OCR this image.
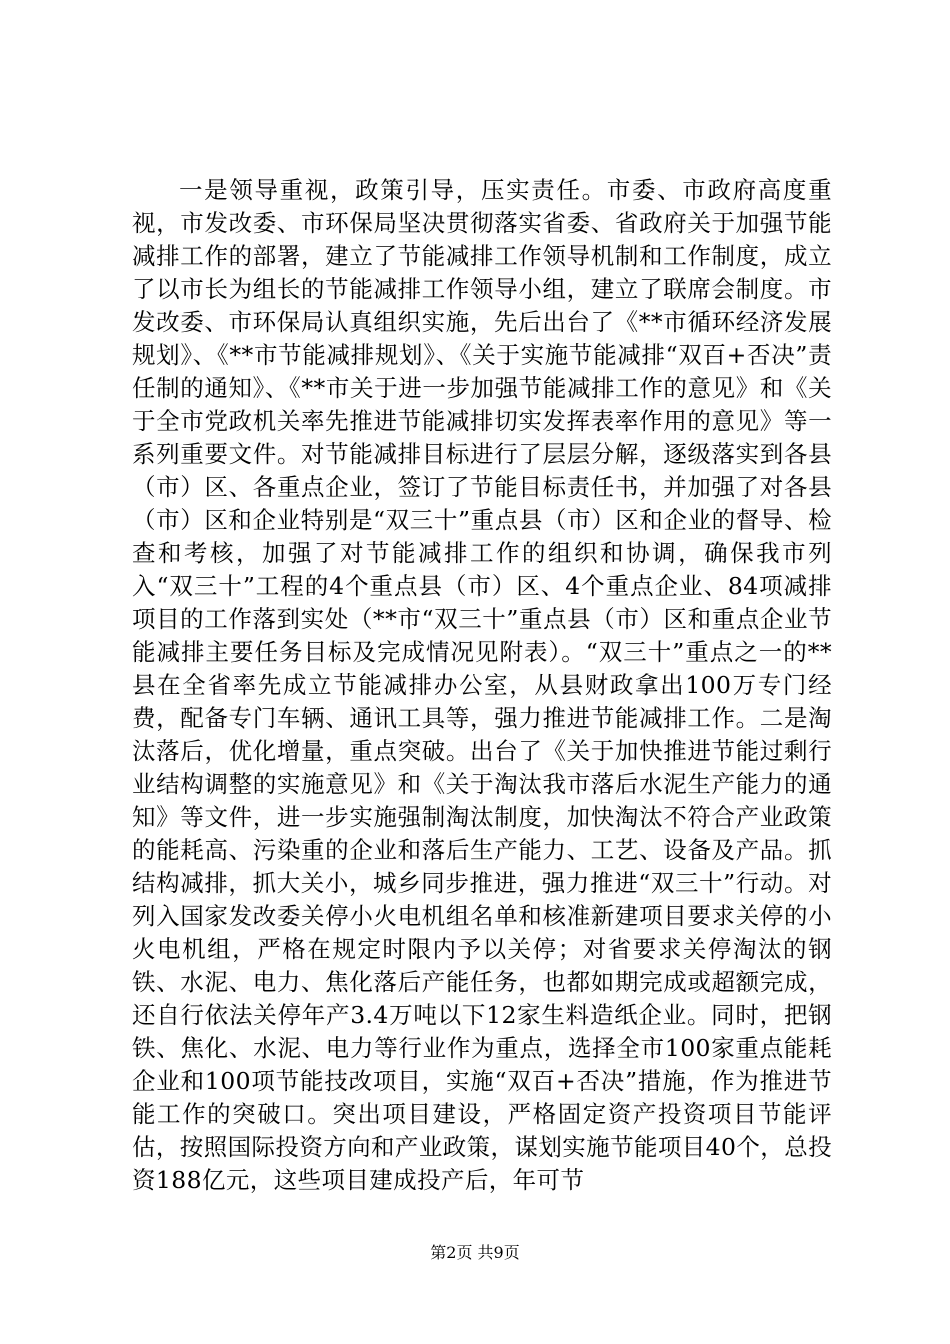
一是领导重视，政策引导，压实责任。市委、市政府高度重视，市发改委、市环保局坚决贯彻落实省委、省政府关于加强节能减排工作的部署，建立了节能减排工作领导机制和工作制度，成立了以市长为组长的节能减排工作领导小组，建立了联席会制度。市发改委、市环保局认真组织实施，先后出台了《**市循环经济发展规划》、《**市节能减排规划》、《关于实施节能减排“双百+否决”责任制的通知》、《**市关于进一步加强节能减排工作的意见》和《关于全市党政机关率先推进节能减排切实发挥表率作用的意见》等一系列重要文件。对节能减排目标进行了层层分解，逐级落实到各县（市）区、各重点企业，签订了节能目标责任书，并加强了对各县（市）区和企业特别是“双三十”重点县（市）区和企业的督导、检查和考核，加强了对节能减排工作的组织和协调，确保我市列入“双三十”工程的4个重点县（市）区、4个重点企业、84项减排项目的工作落到实处（**市“双三十”重点县（市）区和重点企业节能减排主要任务目标及完成情况见附表）。“双三十”重点之一的**县在全省率先成立节能减排办公室，从县财政拿出100万专门经费，配备专门车辆、通讯工具等，强力推进节能减排工作。二是淘汰落后，优化增量，重点突破。出台了《关于加快推进节能过剩行业结构调整的实施意见》和《关于淘汰我市落后水泥生产能力的通知》等文件，进一步实施强制淘汰制度，加快淘汰不符合产业政策的能耗高、污染重的企业和落后生产能力、工艺、设备及产品。抓结构减排，抓大关小，城乡同步推进，强力推进“双三十”行动。对列入国家发改委关停小火电机组名单和核准新建项目要求关停的小火电机组，严格在规定时限内予以关停；对省要求关停淘汰的钢铁、水泥、电力、焦化落后产能任务，也都如期完成或超额完成，还自行依法关停年产3.4万吨以下12家生料造纸企业。同时，把钢铁、焦化、水泥、电力等行业作为重点，选择全市100家重点能耗企业和100项节能技改项目，实施“双百+否决”措施，作为推进节能工作的突破口。突出项目建设，严格固定资产投资项目节能评估，按照国际投资方向和产业政策，谋划实施节能项目40个，总投资188亿元，这些项目建成投产后，年可节

第2页 共9页
